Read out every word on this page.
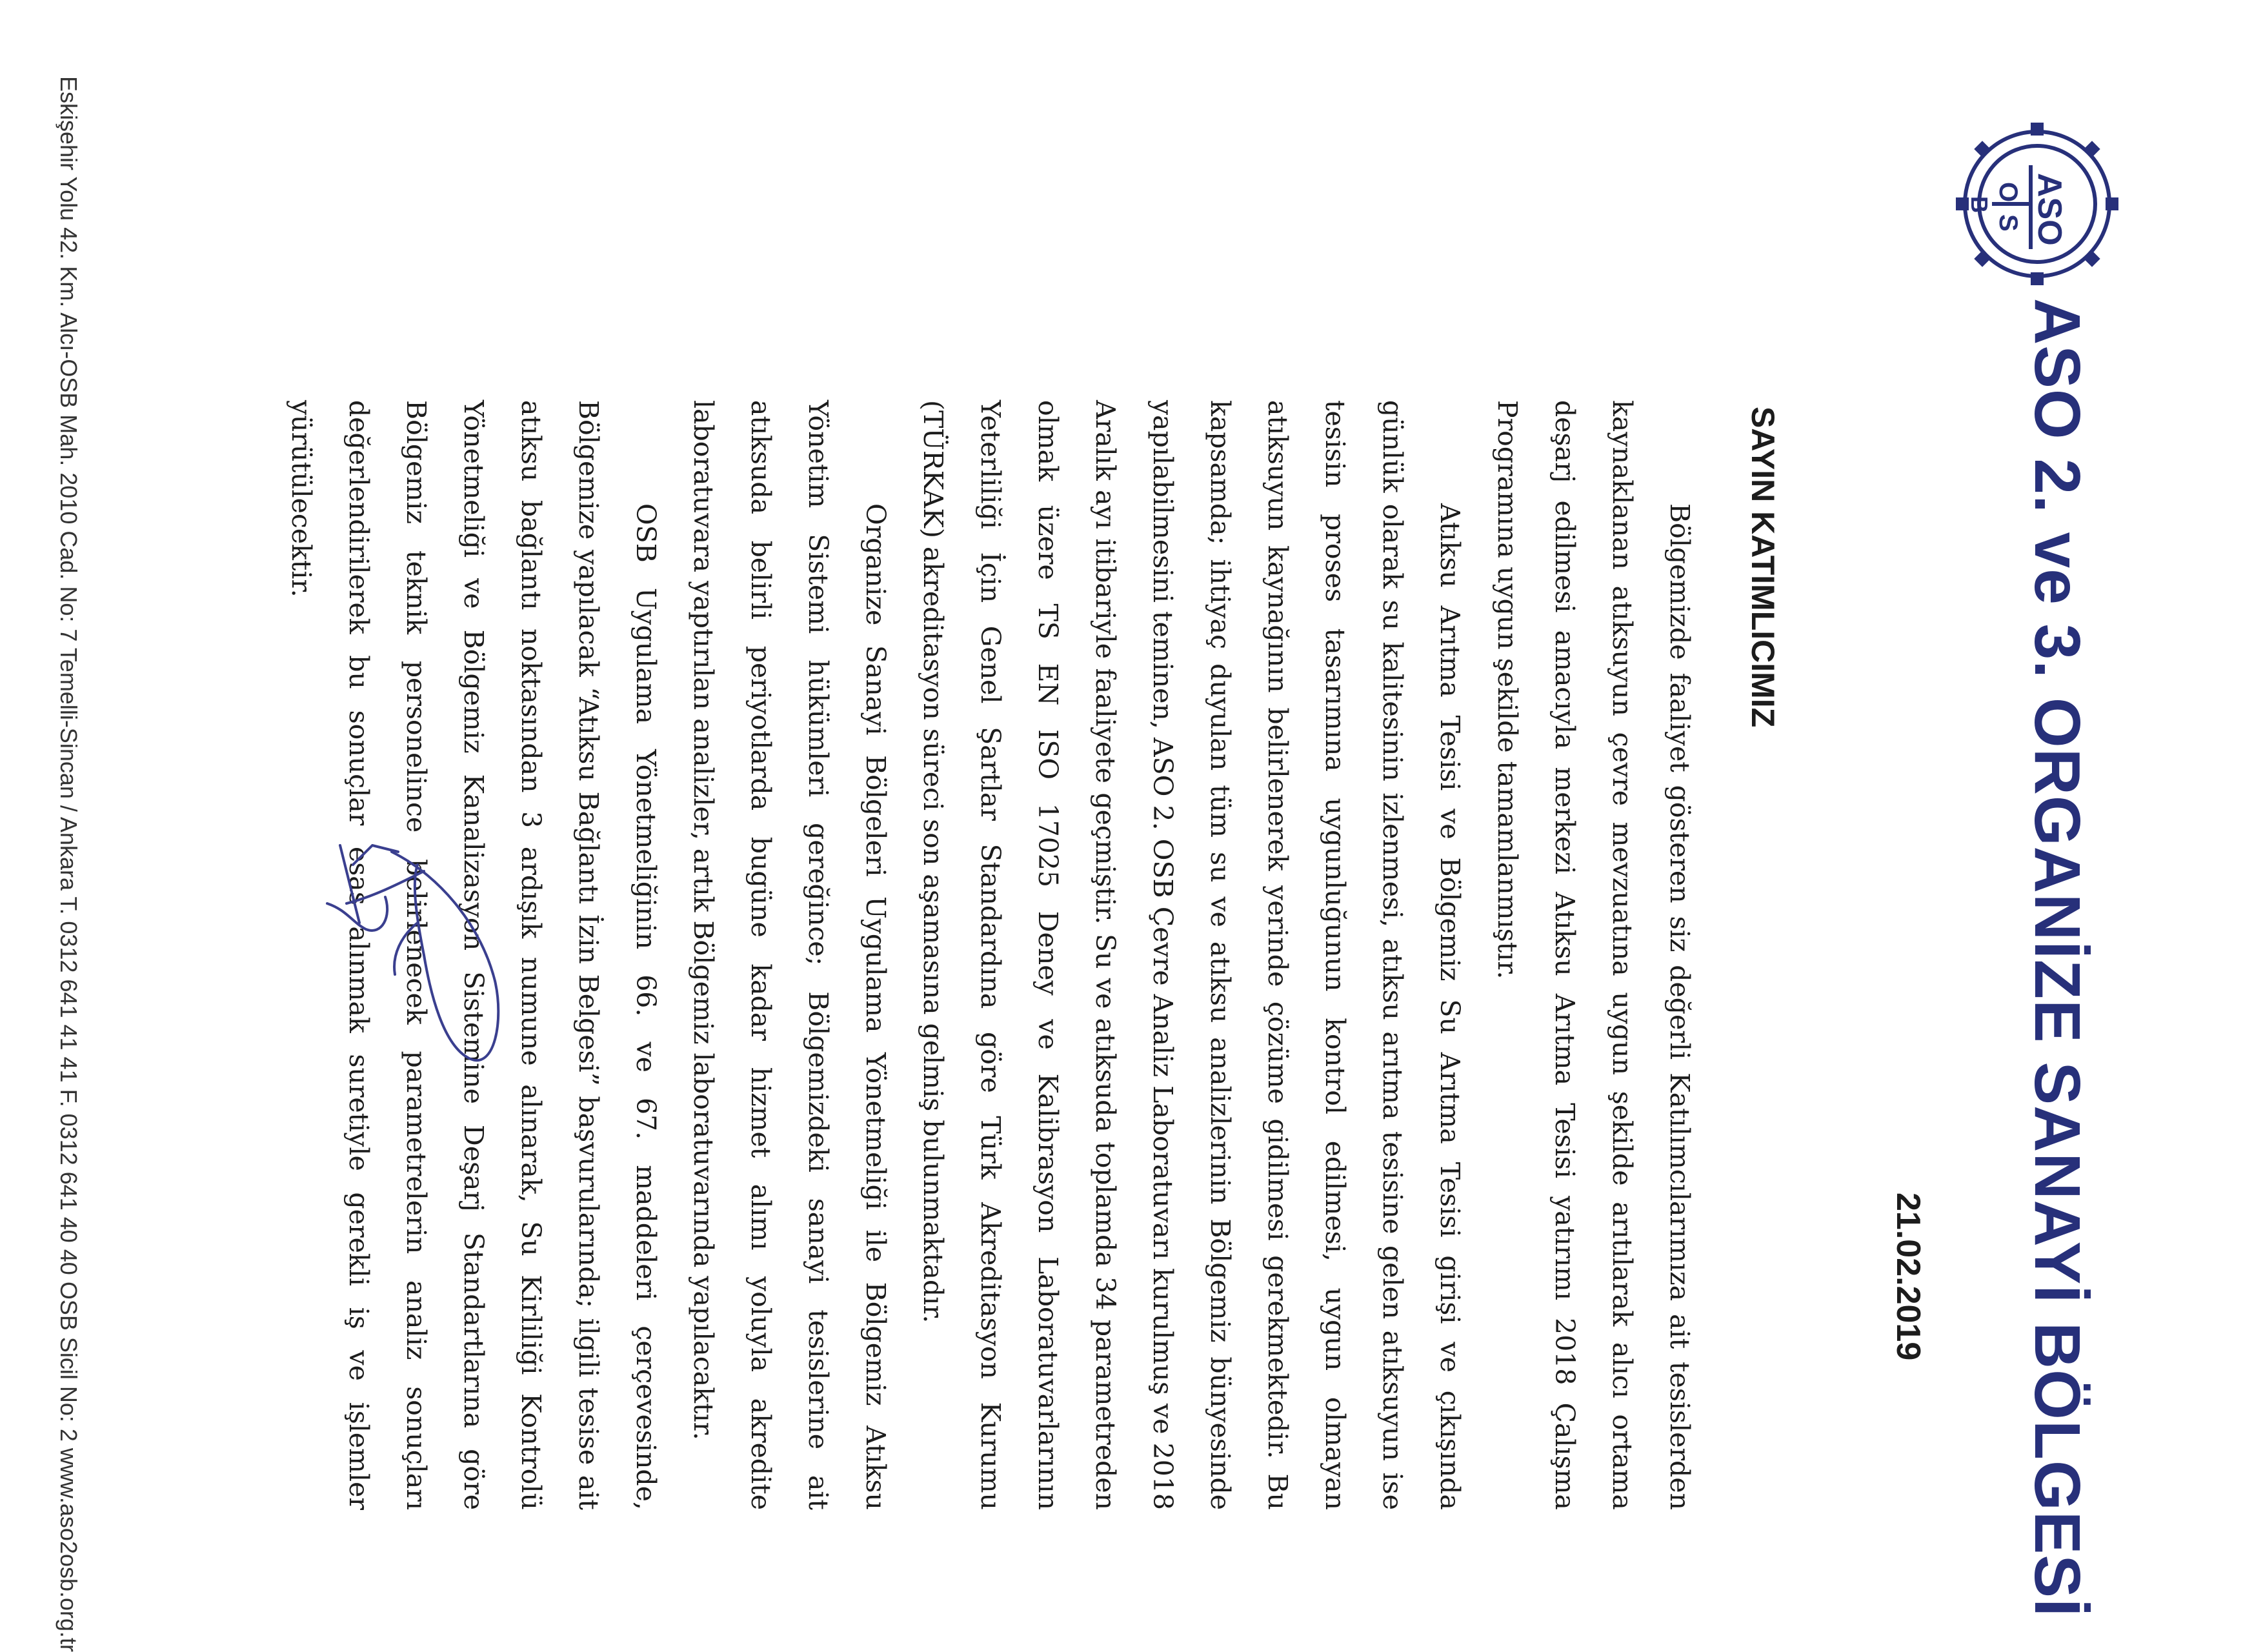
ASO
O
S
B
ASO 2. ve 3. ORGANİZE SANAYİ BÖLGESİ
21.02.2019
SAYIN KATIMLICIMIZ

Bölgemizde faaliyet gösteren siz değerli Katılımcılarımıza ait tesislerden kaynaklanan atıksuyun çevre mevzuatına uygun şekilde arıtılarak alıcı ortama deşarj edilmesi amacıyla merkezi Atıksu Arıtma Tesisi yatırımı 2018 Çalışma Programına uygun şekilde tamamlanmıştır.

Atıksu Arıtma Tesisi ve Bölgemiz Su Arıtma Tesisi girişi ve çıkışında günlük olarak su kalitesinin izlenmesi, atıksu arıtma tesisine gelen atıksuyun ise tesisin proses tasarımına uygunluğunun kontrol edilmesi, uygun olmayan atıksuyun kaynağının belirlenerek yerinde çözüme gidilmesi gerekmektedir. Bu kapsamda; ihtiyaç duyulan tüm su ve atıksu analizlerinin Bölgemiz bünyesinde yapılabilmesini teminen, ASO 2. OSB Çevre Analiz Laboratuvarı kurulmuş ve 2018 Aralık ayı itibariyle faaliyete geçmiştir. Su ve atıksuda toplamda 34 parametreden olmak üzere TS EN ISO 17025 Deney ve Kalibrasyon Laboratuvarlarının Yeterliliği İçin Genel Şartlar Standardına göre Türk Akreditasyon Kurumu (TÜRKAK) akreditasyon süreci son aşamasına gelmiş bulunmaktadır.

Organize Sanayi Bölgeleri Uygulama Yönetmeliği ile Bölgemiz Atıksu Yönetim Sistemi hükümleri gereğince; Bölgemizdeki sanayi tesislerine ait atıksuda belirli periyotlarda bugüne kadar hizmet alımı yoluyla akredite laboratuvara yaptırılan analizler, artık Bölgemiz laboratuvarında yapılacaktır.

OSB Uygulama Yönetmeliğinin 66. ve 67. maddeleri çerçevesinde, Bölgemize yapılacak “Atıksu Bağlantı İzin Belgesi” başvurularında; ilgili tesise ait atıksu bağlantı noktasından 3 ardışık numune alınarak, Su Kirliliği Kontrolü Yönetmeliği ve Bölgemiz Kanalizasyon Sistemine Deşarj Standartlarına göre Bölgemiz teknik personelince belirlenecek parametrelerin analiz sonuçları değerlendirilerek bu sonuçlar esas alınmak suretiyle gerekli iş ve işlemler yürütülecektir.

Eskişehir Yolu 42. Km. Alcı-OSB Mah. 2010 Cad. No: 7 Temelli-Sincan / Ankara T. 0312 641 41 41 F. 0312 641 40 40 OSB Sicil No: 2 www.aso2osb.org.tr
